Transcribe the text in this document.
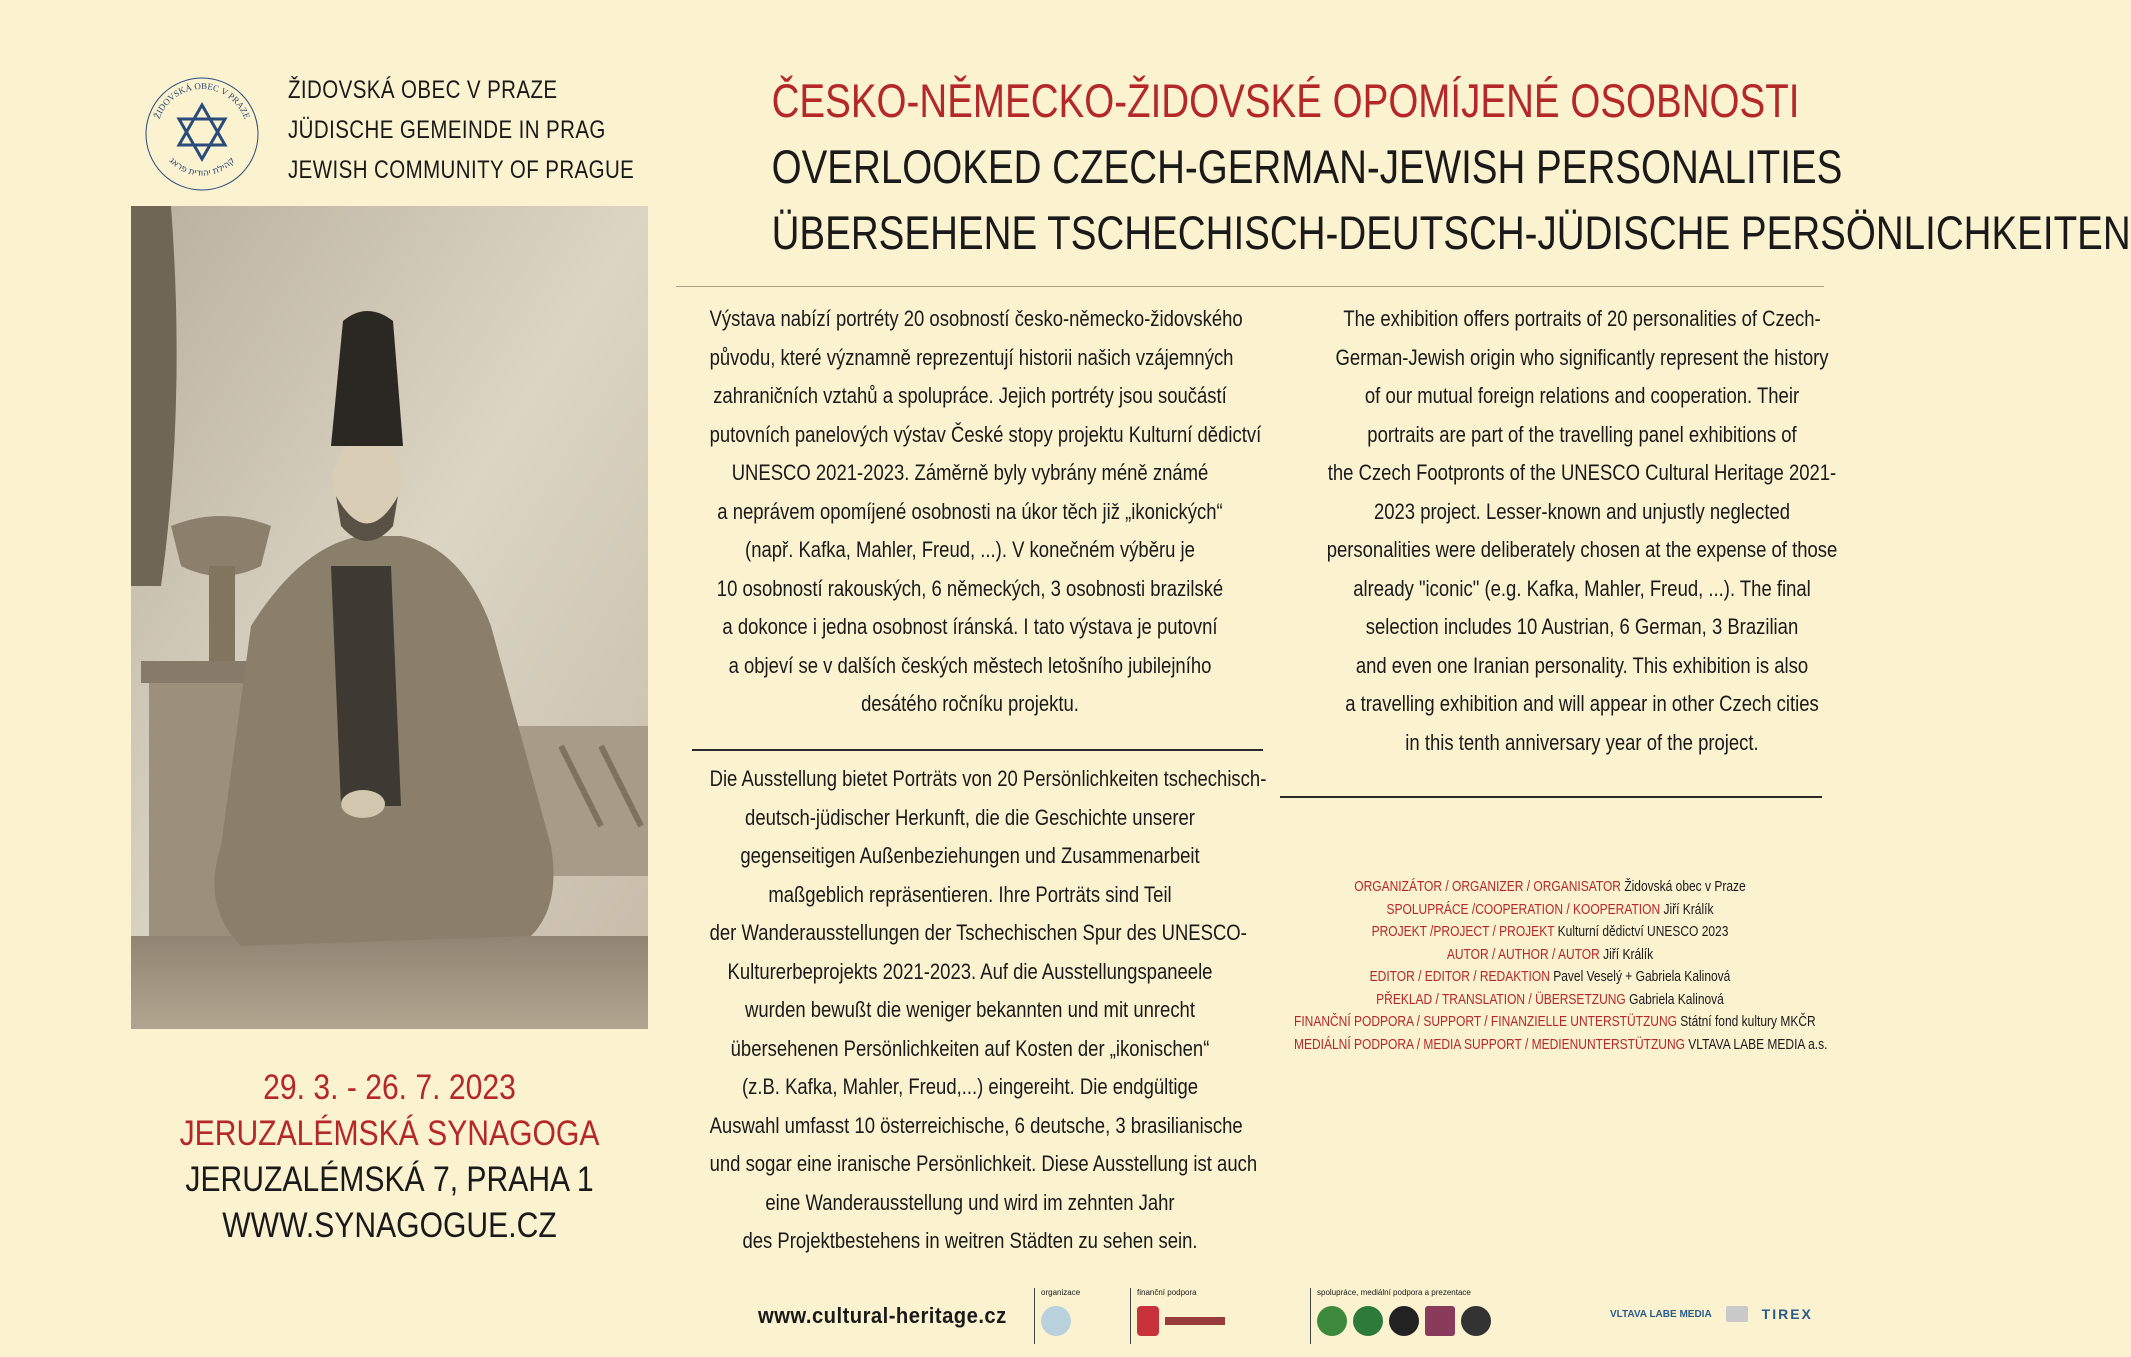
ŽIDOVSKÁ OBEC V PRAZE
קהילת יהודית פראג
ŽIDOVSKÁ OBEC V PRAZE
JÜDISCHE GEMEINDE IN PRAG
JEWISH COMMUNITY OF PRAGUE
29. 3. - 26. 7. 2023
JERUZALÉMSKÁ SYNAGOGA
JERUZALÉMSKÁ 7, PRAHA 1
WWW.SYNAGOGUE.CZ
ČESKO-NĚMECKO-ŽIDOVSKÉ OPOMÍJENÉ OSOBNOSTI
OVERLOOKED CZECH-GERMAN-JEWISH PERSONALITIES
ÜBERSEHENE TSCHECHISCH-DEUTSCH-JÜDISCHE PERSÖNLICHKEITEN
Výstava nabízí portréty 20 osobností česko-německo-židovského
původu, které významně reprezentují historii našich vzájemných
zahraničních vztahů a spolupráce. Jejich portréty jsou součástí
putovních panelových výstav České stopy projektu Kulturní dědictví
UNESCO 2021-2023. Záměrně byly vybrány méně známé
a neprávem opomíjené osobnosti na úkor těch již „ikonických“
(např. Kafka, Mahler, Freud, ...). V konečném výběru je
10 osobností rakouských, 6 německých, 3 osobnosti brazilské
a dokonce i jedna osobnost íránská. I tato výstava je putovní
a objeví se v dalších českých městech letošního jubilejního
desátého ročníku projektu.
Die Ausstellung bietet Porträts von 20 Persönlichkeiten tschechisch-
deutsch-jüdischer Herkunft, die die Geschichte unserer
gegenseitigen Außenbeziehungen und Zusammenarbeit
maßgeblich repräsentieren. Ihre Porträts sind Teil
der Wanderausstellungen der Tschechischen Spur des UNESCO-
Kulturerbeprojekts 2021-2023. Auf die Ausstellungspaneele
wurden bewußt die weniger bekannten und mit unrecht
übersehenen Persönlichkeiten auf Kosten der „ikonischen“
(z.B. Kafka, Mahler, Freud,...) eingereiht. Die endgültige
Auswahl umfasst 10 österreichische, 6 deutsche, 3 brasilianische
und sogar eine iranische Persönlichkeit. Diese Ausstellung ist auch
eine Wanderausstellung und wird im zehnten Jahr
des Projektbestehens in weitren Städten zu sehen sein.
The exhibition offers portraits of 20 personalities of Czech-
German-Jewish origin who significantly represent the history
of our mutual foreign relations and cooperation. Their
portraits are part of the travelling panel exhibitions of
the Czech Footpronts of the UNESCO Cultural Heritage 2021-
2023 project. Lesser-known and unjustly neglected
personalities were deliberately chosen at the expense of those
already "iconic" (e.g. Kafka, Mahler, Freud, ...). The final
selection includes 10 Austrian, 6 German, 3 Brazilian
and even one Iranian personality. This exhibition is also
a travelling exhibition and will appear in other Czech cities
in this tenth anniversary year of the project.
ORGANIZÁTOR / ORGANIZER / ORGANISATOR Židovská obec v Praze
SPOLUPRÁCE /COOPERATION / KOOPERATION Jiří Králík
PROJEKT /PROJECT / PROJEKT Kulturní dědictví UNESCO 2023
AUTOR / AUTHOR / AUTOR Jiří Králík
EDITOR / EDITOR / REDAKTION Pavel Veselý + Gabriela Kalinová
PŘEKLAD / TRANSLATION / ÜBERSETZUNG Gabriela Kalinová
FINANČNÍ PODPORA / SUPPORT / FINANZIELLE UNTERSTÜTZUNG Státní fond kultury MKČR
MEDIÁLNÍ PODPORA / MEDIA SUPPORT / MEDIENUNTERSTÜTZUNG VLTAVA LABE MEDIA a.s.
www.cultural-heritage.cz
organizace	finanční podpora	spolupráce, mediální podpora a prezentace
VLTAVA LABE MEDIA	TIREX
